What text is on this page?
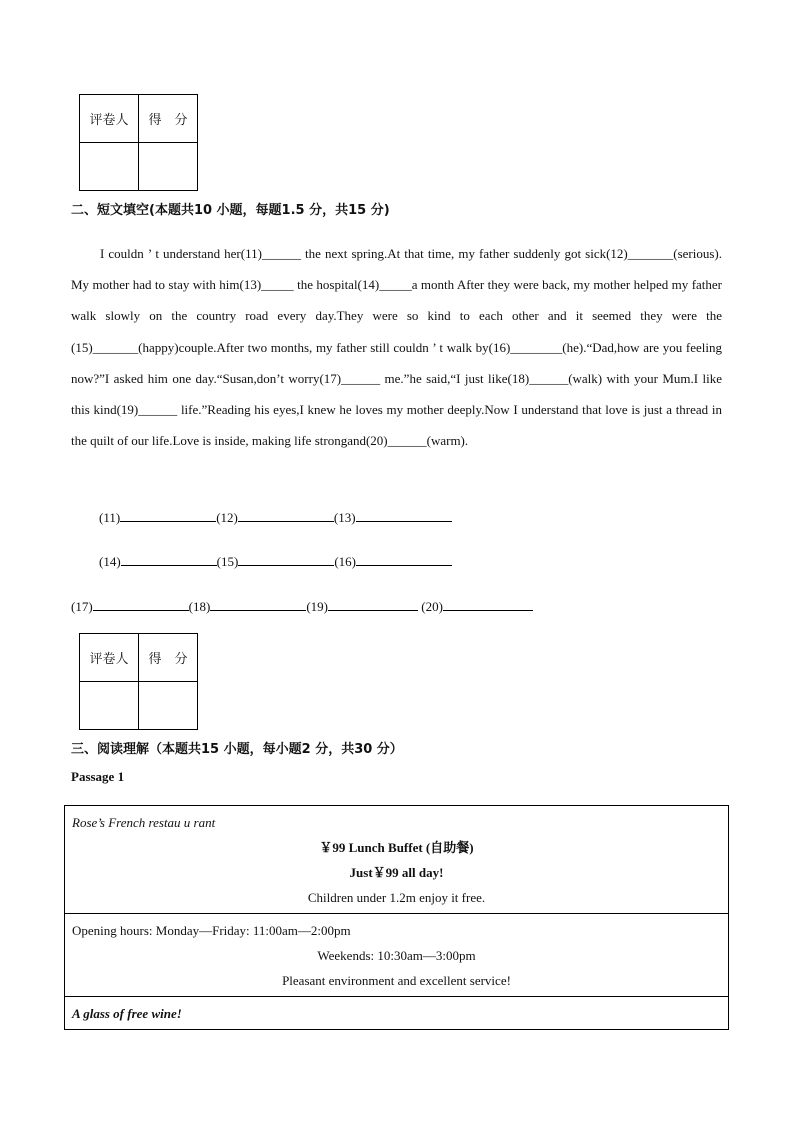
评卷人	得　分

二、短文填空(本题共10 小题，每题1.5 分，共15 分)

I couldn ’ t understand her(11)______ the next spring.At that time, my father suddenly got sick(12)_______(serious). My mother had to stay with him(13)_____ the hospital(14)_____a month After they were back, my mother helped my father walk slowly on the country road every day.They were so kind to each other and it seemed they were the (15)_______(happy)couple.After two months, my father still couldn ’ t walk by(16)________(he).“Dad,how are you feeling now?”I asked him one day.“Susan,don’t worry(17)______ me.”he said,“I just like(18)______(walk) with your Mum.I like this kind(19)______ life.”Reading his eyes,I knew he loves my mother deeply.Now I understand that love is just a thread in the quilt of our life.Love is inside, making life strongand(20)______(warm).

(11)	(12)	(13)
(14)	(15)	(16)
(17)	(18)	(19)	(20)
评卷人	得　分

三、阅读理解（本题共15 小题，每小题2 分，共30 分）
Passage 1
Rose’s French restau u rant
￥99 Lunch Buffet (自助餐)
Just￥99 all day!
Children under 1.2m enjoy it free.
Opening hours: Monday—Friday: 11:00am—2:00pm
Weekends: 10:30am—3:00pm
Pleasant environment and excellent service!
A glass of free wine!
